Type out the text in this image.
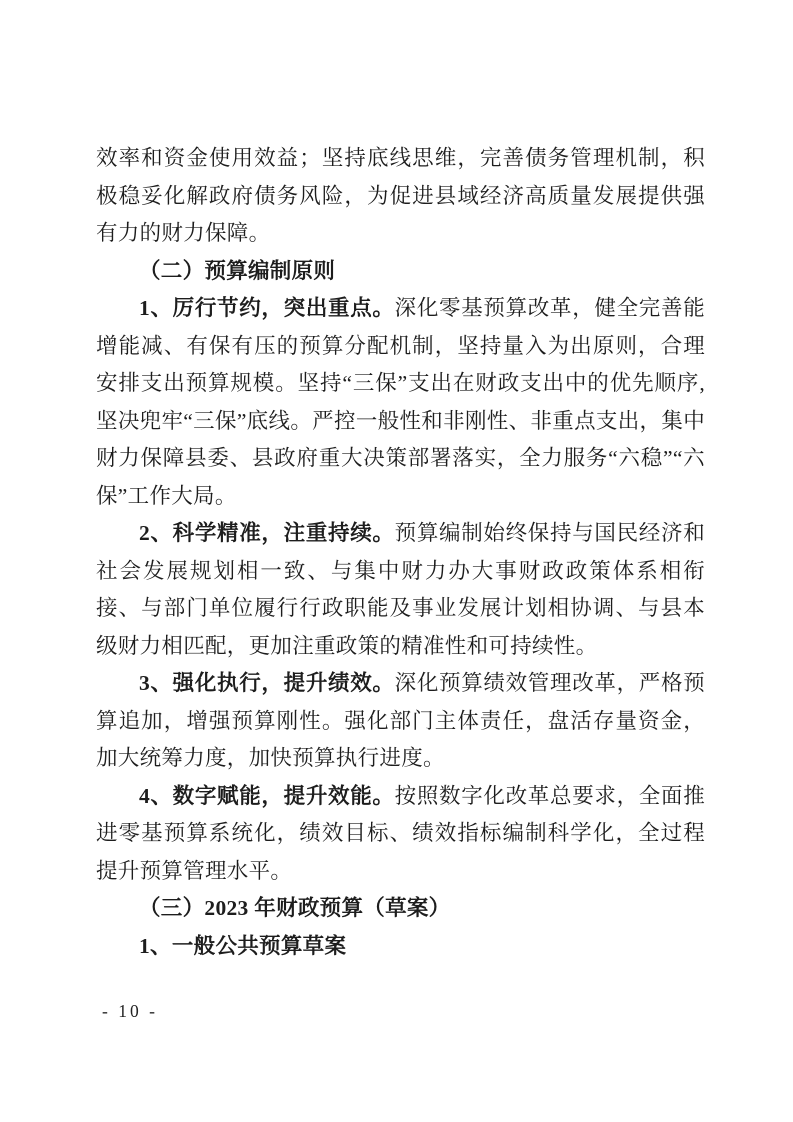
效率和资金使用效益；坚持底线思维，完善债务管理机制，积极稳妥化解政府债务风险，为促进县域经济高质量发展提供强有力的财力保障。

（二）预算编制原则

1、厉行节约，突出重点。深化零基预算改革，健全完善能增能减、有保有压的预算分配机制，坚持量入为出原则，合理安排支出预算规模。坚持“三保”支出在财政支出中的优先顺序,坚决兜牢“三保”底线。严控一般性和非刚性、非重点支出，集中财力保障县委、县政府重大决策部署落实，全力服务“六稳”“六保”工作大局。

2、科学精准，注重持续。预算编制始终保持与国民经济和社会发展规划相一致、与集中财力办大事财政政策体系相衔接、与部门单位履行行政职能及事业发展计划相协调、与县本级财力相匹配，更加注重政策的精准性和可持续性。

3、强化执行，提升绩效。深化预算绩效管理改革，严格预算追加，增强预算刚性。强化部门主体责任，盘活存量资金，加大统筹力度，加快预算执行进度。

4、数字赋能，提升效能。按照数字化改革总要求，全面推进零基预算系统化，绩效目标、绩效指标编制科学化，全过程提升预算管理水平。

（三）2023 年财政预算（草案）

1、一般公共预算草案

- 10 -
